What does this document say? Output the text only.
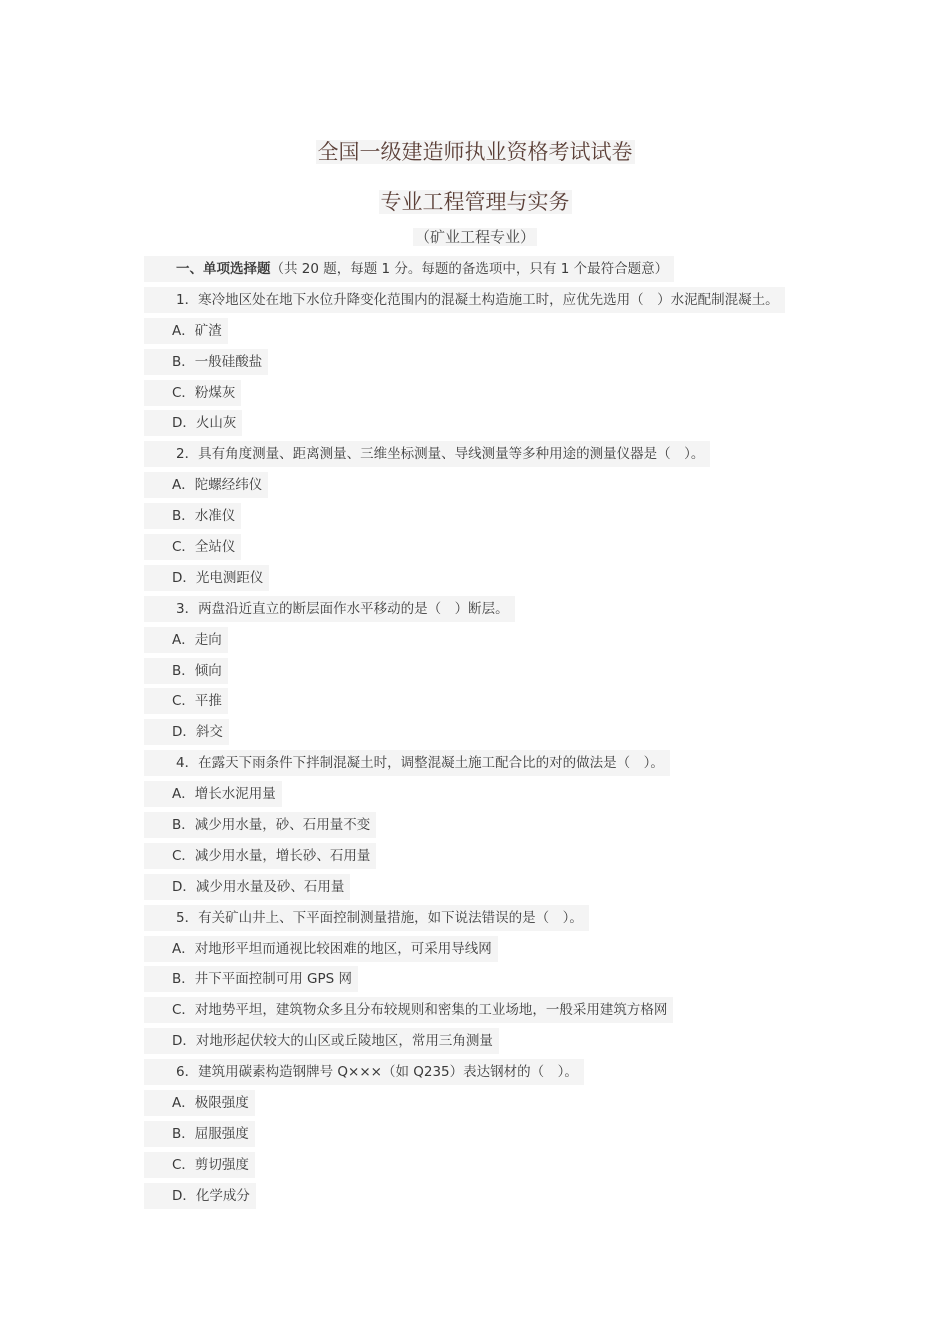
全国一级建造师执业资格考试试卷
专业工程管理与实务
（矿业工程专业）
一、单项选择题（共 20 题，每题 1 分。每题的备选项中，只有 1 个最符合题意）
1．寒冷地区处在地下水位升降变化范围内的混凝土构造施工时，应优先选用（　）水泥配制混凝土。
A．矿渣
B．一般硅酸盐
C．粉煤灰
D．火山灰
2．具有角度测量、距离测量、三维坐标测量、导线测量等多种用途的测量仪器是（　）。
A．陀螺经纬仪
B．水准仪
C．全站仪
D．光电测距仪
3．两盘沿近直立的断层面作水平移动的是（　）断层。
A．走向
B．倾向
C．平推
D．斜交
4．在露天下雨条件下拌制混凝土时，调整混凝土施工配合比的对的做法是（　）。
A．增长水泥用量
B．减少用水量，砂、石用量不变
C．减少用水量，增长砂、石用量
D．减少用水量及砂、石用量
5．有关矿山井上、下平面控制测量措施，如下说法错误的是（　）。
A．对地形平坦而通视比较困难的地区，可采用导线网
B．井下平面控制可用 GPS 网
C．对地势平坦，建筑物众多且分布较规则和密集的工业场地，一般采用建筑方格网
D．对地形起伏较大的山区或丘陵地区，常用三角测量
6．建筑用碳素构造钢牌号 Q×××（如 Q235）表达钢材的（　）。
A．极限强度
B．屈服强度
C．剪切强度
D．化学成分
